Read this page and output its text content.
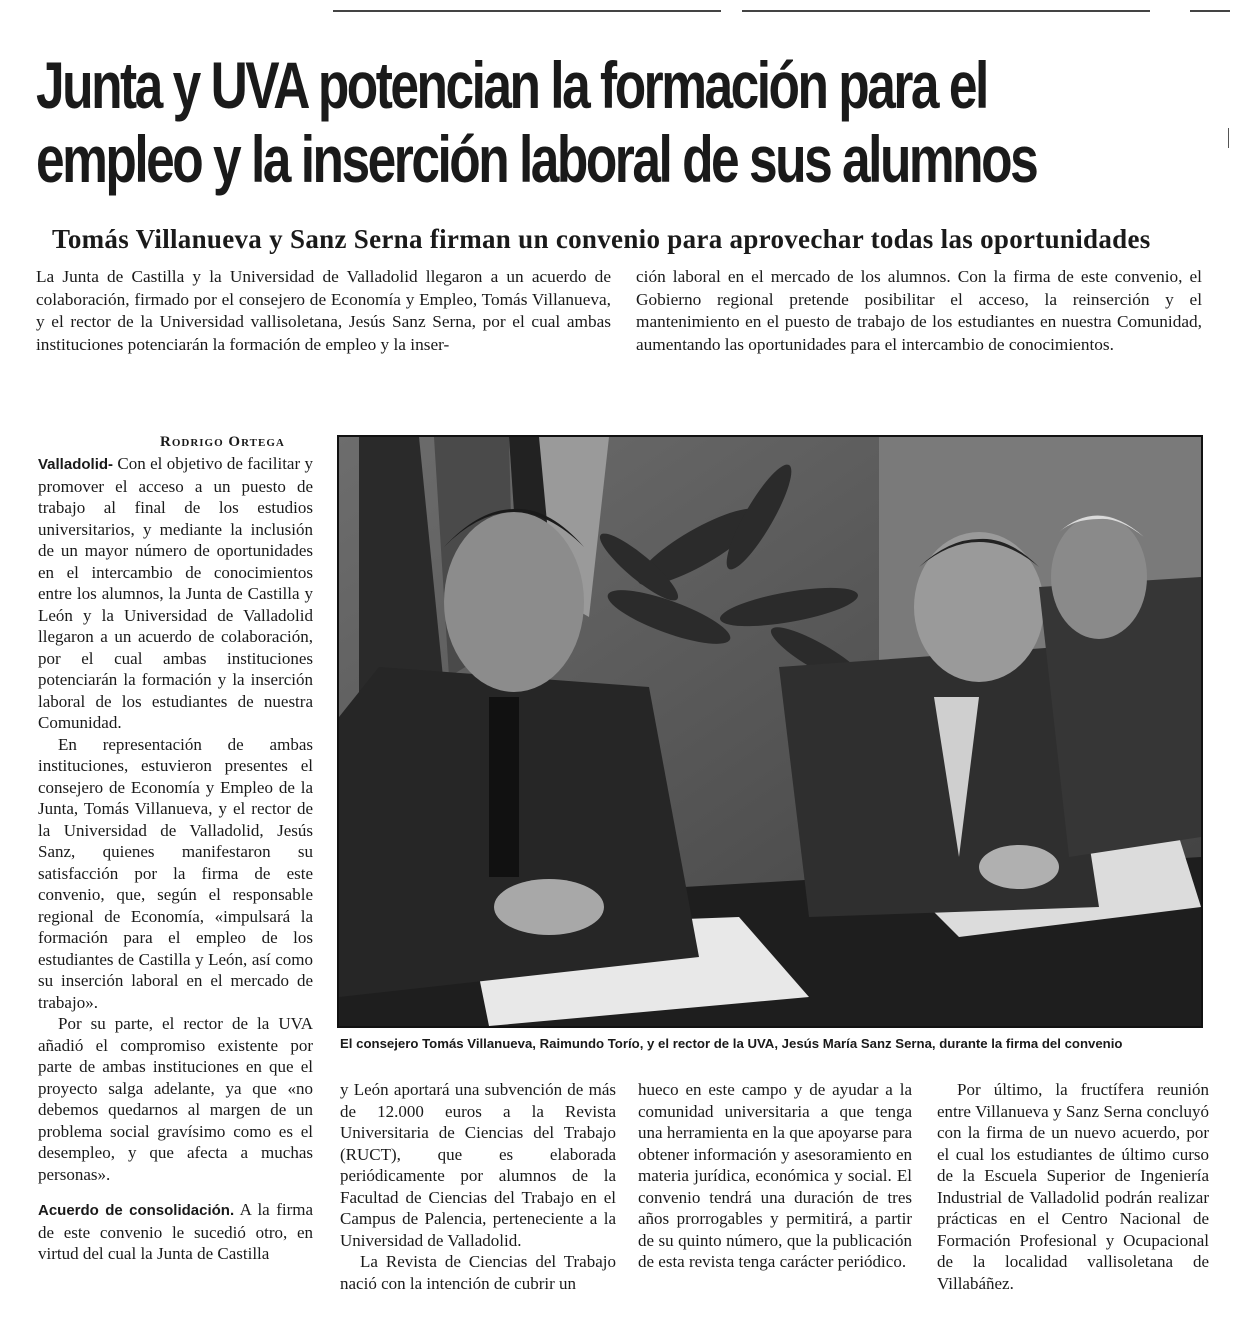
Junta y UVA potencian la formación para el
empleo y la inserción laboral de sus alumnos
Tomás Villanueva y Sanz Serna firman un convenio para aprovechar todas las oportunidades

La Junta de Castilla y la Universidad de Valladolid llegaron a un acuerdo de colaboración, firmado por el consejero de Economía y Empleo, Tomás Villanueva, y el rector de la Universidad vallisoletana, Jesús Sanz Serna, por el cual ambas instituciones potenciarán la formación de empleo y la inser-

ción laboral en el mercado de los alumnos. Con la firma de este convenio, el Gobierno regional pretende posibilitar el acceso, la reinserción y el mantenimiento en el puesto de trabajo de los estudiantes en nuestra Comunidad, aumentando las oportunidades para el intercambio de conocimientos.

Rodrigo Ortega

Valladolid- Con el objetivo de facilitar y promover el acceso a un puesto de trabajo al final de los estudios universitarios, y mediante la inclusión de un mayor número de oportunidades en el intercambio de conocimientos entre los alumnos, la Junta de Castilla y León y la Universidad de Valladolid llegaron a un acuerdo de colaboración, por el cual ambas instituciones potenciarán la formación y la inserción laboral de los estudiantes de nuestra Comunidad.

En representación de ambas instituciones, estuvieron presentes el consejero de Economía y Empleo de la Junta, Tomás Villanueva, y el rector de la Universidad de Valladolid, Jesús Sanz, quienes manifestaron su satisfacción por la firma de este convenio, que, según el responsable regional de Economía, «impulsará la formación para el empleo de los estudiantes de Castilla y León, así como su inserción laboral en el mercado de trabajo».

Por su parte, el rector de la UVA añadió el compromiso existente por parte de ambas instituciones en que el proyecto salga adelante, ya que «no debemos quedarnos al margen de un problema social gravísimo como es el desempleo, y que afecta a muchas personas».

Acuerdo de consolidación. A la firma de este convenio le sucedió otro, en virtud del cual la Junta de Castilla

El consejero Tomás Villanueva, Raimundo Torío, y el rector de la UVA, Jesús María Sanz Serna, durante la firma del convenio

y León aportará una subvención de más de 12.000 euros a la Revista Universitaria de Ciencias del Trabajo (RUCT), que es elaborada periódicamente por alumnos de la Facultad de Ciencias del Trabajo en el Campus de Palencia, perteneciente a la Universidad de Valladolid.

La Revista de Ciencias del Trabajo nació con la intención de cubrir un

hueco en este campo y de ayudar a la comunidad universitaria a que tenga una herramienta en la que apoyarse para obtener información y asesoramiento en materia jurídica, económica y social. El convenio tendrá una duración de tres años prorrogables y permitirá, a partir de su quinto número, que la publicación de esta revista tenga carácter periódico.

Por último, la fructífera reunión entre Villanueva y Sanz Serna concluyó con la firma de un nuevo acuerdo, por el cual los estudiantes de último curso de la Escuela Superior de Ingeniería Industrial de Valladolid podrán realizar prácticas en el Centro Nacional de Formación Profesional y Ocupacional de la localidad vallisoletana de Villabáñez.
